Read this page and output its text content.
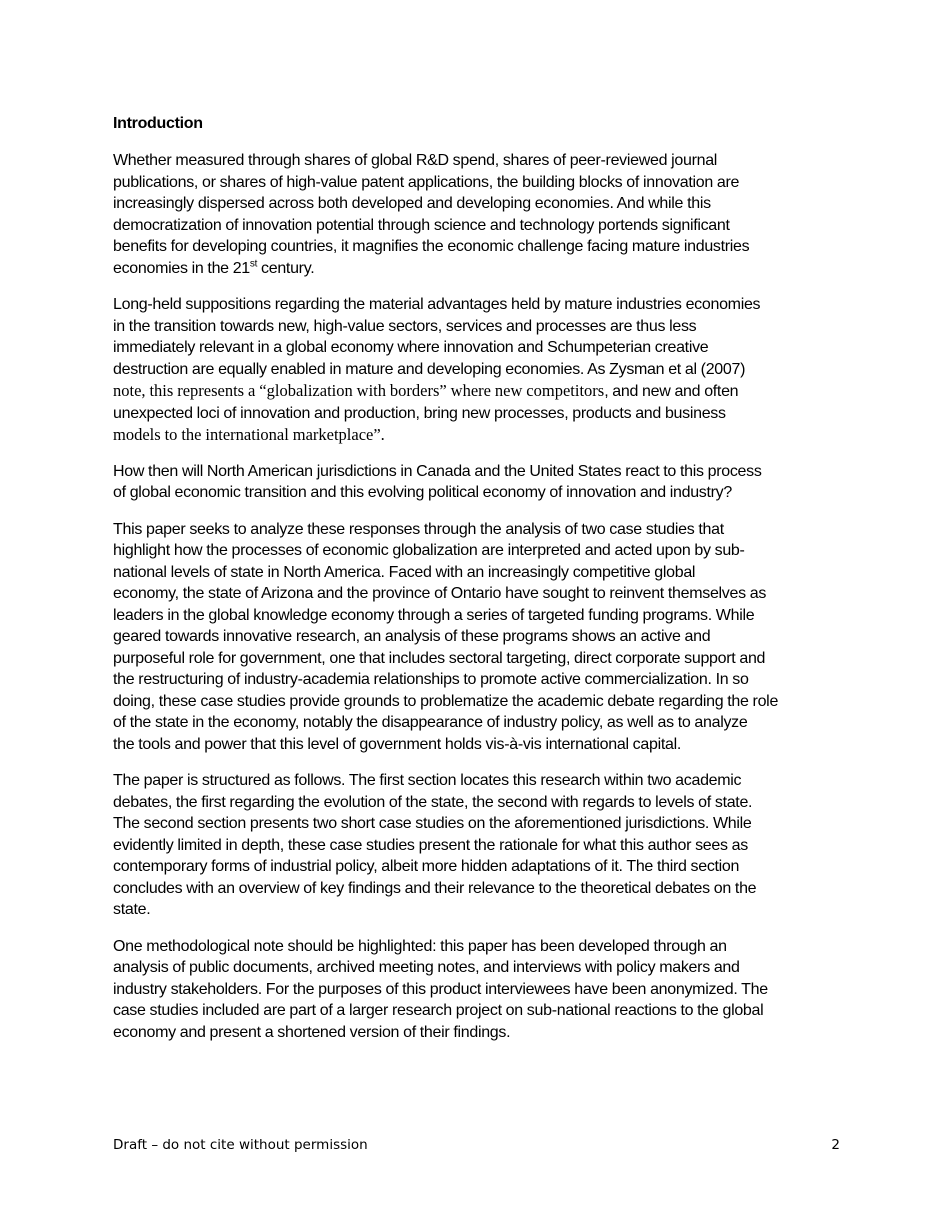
Introduction
Whether measured through shares of global R&D spend, shares of peer-reviewed journal
publications, or shares of high-value patent applications, the building blocks of innovation are
increasingly dispersed across both developed and developing economies. And while this
democratization of innovation potential through science and technology portends significant
benefits for developing countries, it magnifies the economic challenge facing mature industries
economies in the 21st century.
Long-held suppositions regarding the material advantages held by mature industries economies
in the transition towards new, high-value sectors, services and processes are thus less
immediately relevant in a global economy where innovation and Schumpeterian creative
destruction are equally enabled in mature and developing economies. As Zysman et al (2007)
note, this represents a “globalization with borders” where new competitors, and new and often
unexpected loci of innovation and production, bring new processes, products and business
models to the international marketplace”.
How then will North American jurisdictions in Canada and the United States react to this process
of global economic transition and this evolving political economy of innovation and industry?
This paper seeks to analyze these responses through the analysis of two case studies that
highlight how the processes of economic globalization are interpreted and acted upon by sub-
national levels of state in North America. Faced with an increasingly competitive global
economy, the state of Arizona and the province of Ontario have sought to reinvent themselves as
leaders in the global knowledge economy through a series of targeted funding programs. While
geared towards innovative research, an analysis of these programs shows an active and
purposeful role for government, one that includes sectoral targeting, direct corporate support and
the restructuring of industry-academia relationships to promote active commercialization. In so
doing, these case studies provide grounds to problematize the academic debate regarding the role
of the state in the economy, notably the disappearance of industry policy, as well as to analyze
the tools and power that this level of government holds vis-à-vis international capital.
The paper is structured as follows. The first section locates this research within two academic
debates, the first regarding the evolution of the state, the second with regards to levels of state.
The second section presents two short case studies on the aforementioned jurisdictions. While
evidently limited in depth, these case studies present the rationale for what this author sees as
contemporary forms of industrial policy, albeit more hidden adaptations of it. The third section
concludes with an overview of key findings and their relevance to the theoretical debates on the
state.
One methodological note should be highlighted: this paper has been developed through an
analysis of public documents, archived meeting notes, and interviews with policy makers and
industry stakeholders. For the purposes of this product interviewees have been anonymized. The
case studies included are part of a larger research project on sub-national reactions to the global
economy and present a shortened version of their findings.
Draft – do not cite without permission	2
